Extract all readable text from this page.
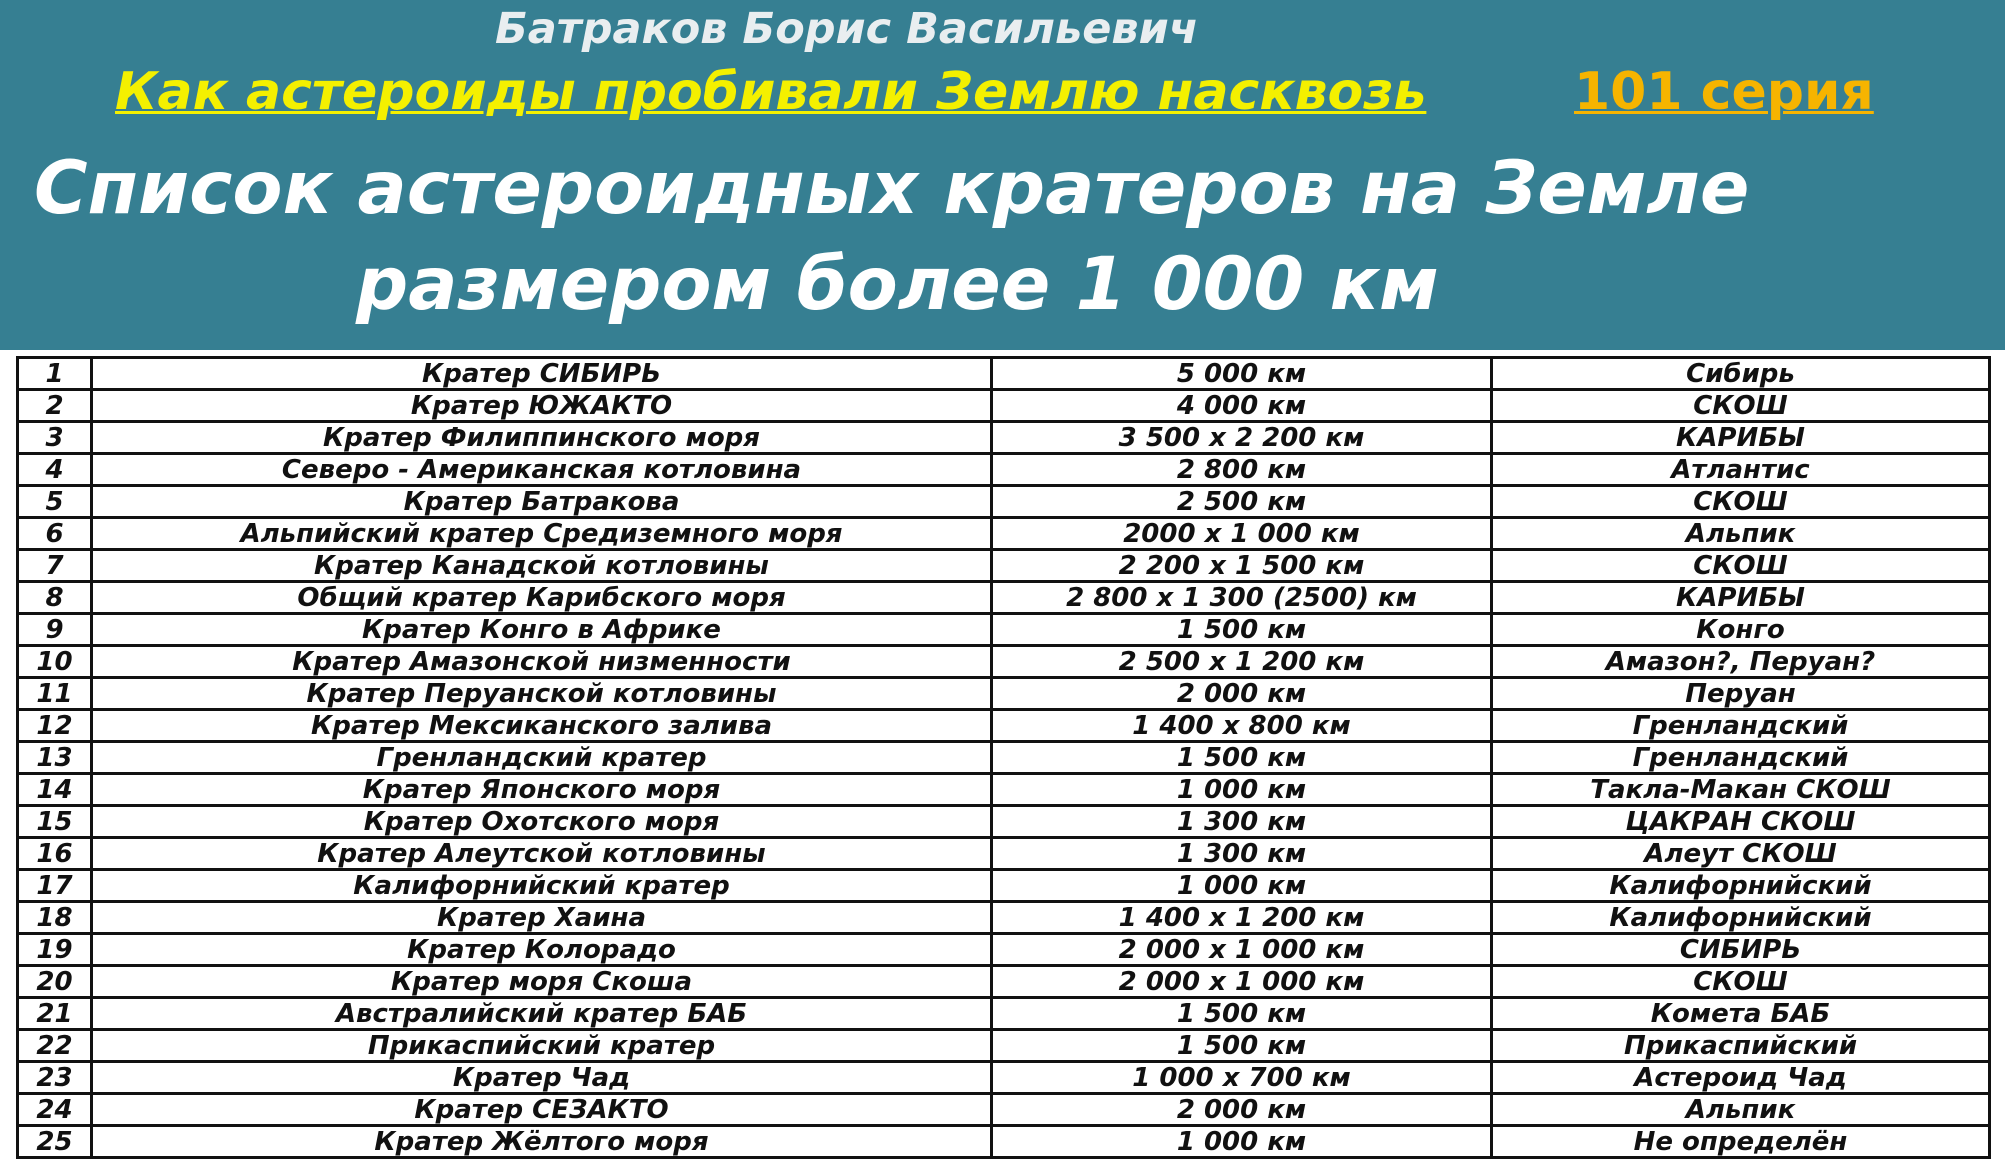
Батраков Борис Васильевич
Как астероиды пробивали Землю насквозь	101 серия
Список астероидных кратеров на Земле
размером более 1 000 км
1	Кратер СИБИРЬ	5 000 км	Сибирь
2	Кратер ЮЖАКТО	4 000 км	СКОШ
3	Кратер Филиппинского моря	3 500 х 2 200 км	КАРИБЫ
4	Северо - Американская котловина	2 800 км	Атлантис
5	Кратер Батракова	2 500 км	СКОШ
6	Альпийский кратер Средиземного моря	2000 х 1 000 км	Альпик
7	Кратер Канадской котловины	2 200 х 1 500 км	СКОШ
8	Общий кратер Карибского моря	2 800 х 1 300 (2500) км	КАРИБЫ
9	Кратер Конго в Африке	1 500 км	Конго
10	Кратер Амазонской низменности	2 500 х 1 200 км	Амазон?, Перуан?
11	Кратер Перуанской котловины	2 000 км	Перуан
12	Кратер Мексиканского залива	1 400 х 800 км	Гренландский
13	Гренландский кратер	1 500 км	Гренландский
14	Кратер Японского моря	1 000 км	Такла-Макан СКОШ
15	Кратер Охотского моря	1 300 км	ЦАКРАН СКОШ
16	Кратер Алеутской котловины	1 300 км	Алеут СКОШ
17	Калифорнийский кратер	1 000 км	Калифорнийский
18	Кратер Хаина	1 400 х 1 200 км	Калифорнийский
19	Кратер Колорадо	2 000 х 1 000 км	СИБИРЬ
20	Кратер моря Скоша	2 000 х 1 000 км	СКОШ
21	Австралийский кратер БАБ	1 500 км	Комета БАБ
22	Прикаспийский кратер	1 500 км	Прикаспийский
23	Кратер Чад	1 000 х 700 км	Астероид Чад
24	Кратер СЕЗАКТО	2 000 км	Альпик
25	Кратер Жёлтого моря	1 000 км	Не определён
